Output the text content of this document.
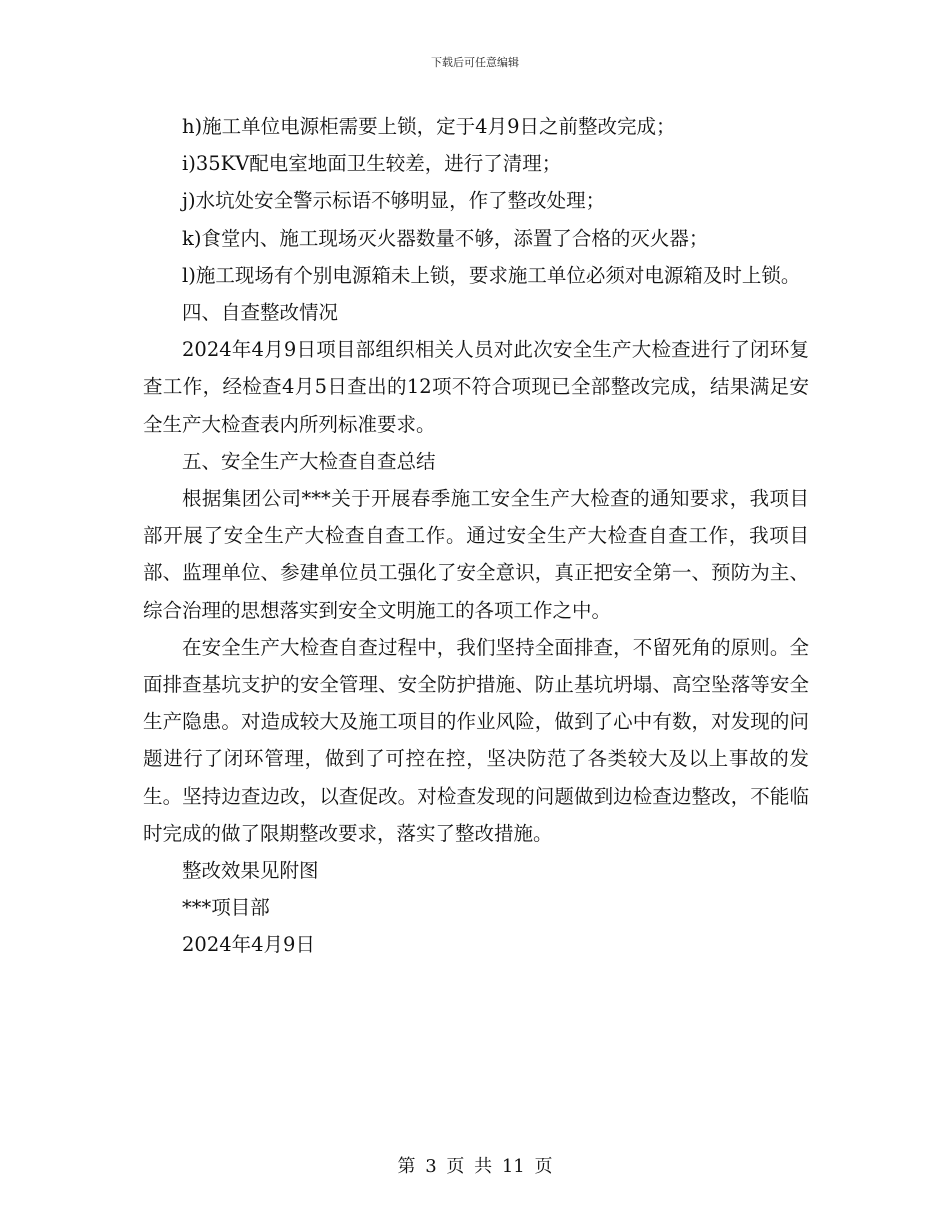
下载后可任意编辑

h)施工单位电源柜需要上锁，定于4月9日之前整改完成；

i)35KV配电室地面卫生较差，进行了清理；

j)水坑处安全警示标语不够明显，作了整改处理；

k)食堂内、施工现场灭火器数量不够，添置了合格的灭火器；

l)施工现场有个别电源箱未上锁，要求施工单位必须对电源箱及时上锁。

四、自查整改情况

2024年4月9日项目部组织相关人员对此次安全生产大检查进行了闭环复查工作，经检查4月5日查出的12项不符合项现已全部整改完成，结果满足安全生产大检查表内所列标准要求。

五、安全生产大检查自查总结

根据集团公司***关于开展春季施工安全生产大检查的通知要求，我项目部开展了安全生产大检查自查工作。通过安全生产大检查自查工作，我项目部、监理单位、参建单位员工强化了安全意识，真正把安全第一、预防为主、综合治理的思想落实到安全文明施工的各项工作之中。

在安全生产大检查自查过程中，我们坚持全面排查，不留死角的原则。全面排查基坑支护的安全管理、安全防护措施、防止基坑坍塌、高空坠落等安全生产隐患。对造成较大及施工项目的作业风险，做到了心中有数，对发现的问题进行了闭环管理，做到了可控在控，坚决防范了各类较大及以上事故的发生。坚持边查边改，以查促改。对检查发现的问题做到边检查边整改，不能临时完成的做了限期整改要求，落实了整改措施。

整改效果见附图

***项目部

2024年4月9日

第 3 页 共 11 页
